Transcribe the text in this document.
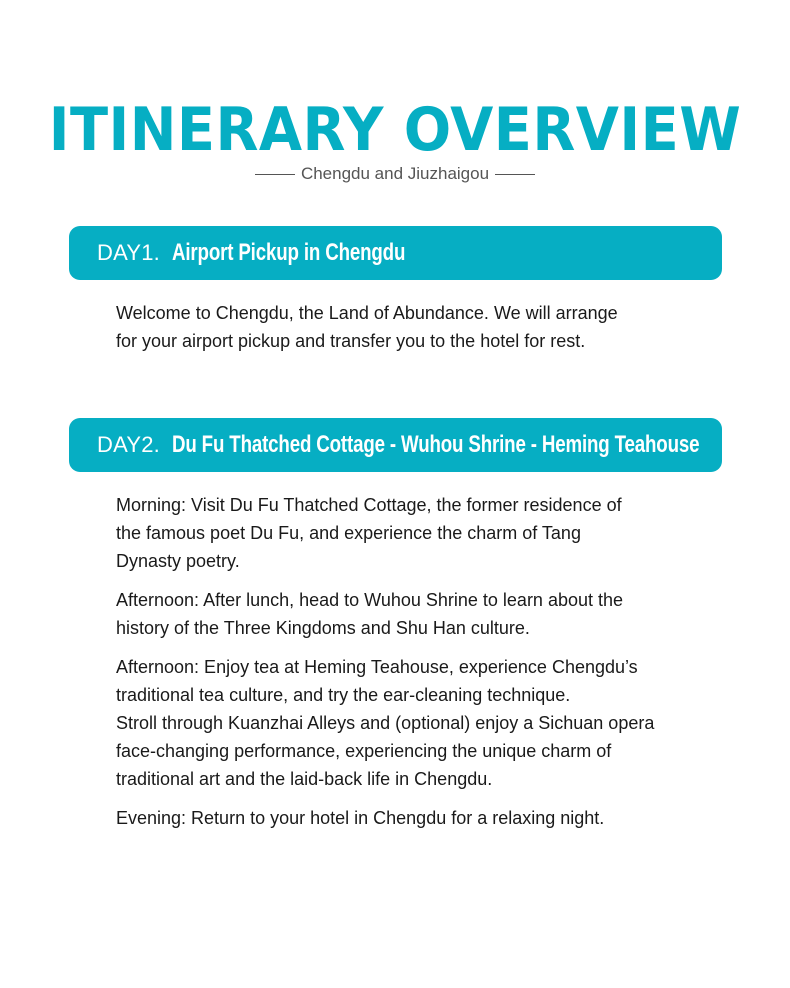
ITINERARY OVERVIEW
Chengdu and Jiuzhaigou
DAY1. Airport Pickup in Chengdu

Welcome to Chengdu, the Land of Abundance. We will arrange
for your airport pickup and transfer you to the hotel for rest.

DAY2. Du Fu Thatched Cottage - Wuhou Shrine - Heming Teahouse

Morning: Visit Du Fu Thatched Cottage, the former residence of
the famous poet Du Fu, and experience the charm of Tang
Dynasty poetry.

Afternoon: After lunch, head to Wuhou Shrine to learn about the
history of the Three Kingdoms and Shu Han culture.

Afternoon: Enjoy tea at Heming Teahouse, experience Chengdu’s
traditional tea culture, and try the ear-cleaning technique.
Stroll through Kuanzhai Alleys and (optional) enjoy a Sichuan opera
face-changing performance, experiencing the unique charm of
traditional art and the laid-back life in Chengdu.

Evening: Return to your hotel in Chengdu for a relaxing night.
